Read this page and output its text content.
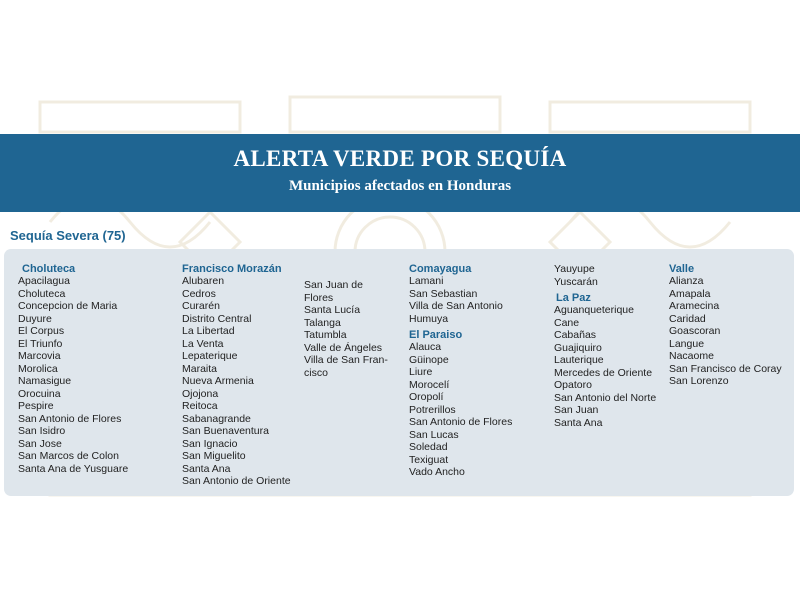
ALERTA VERDE POR SEQUÍA
Municipios afectados en Honduras
Sequía Severa (75)
Choluteca
Apacilagua
Choluteca
Concepcion de Maria
Duyure
El Corpus
El Triunfo
Marcovia
Morolica
Namasigue
Orocuina
Pespire
San Antonio de Flores
San Isidro
San Jose
San Marcos de Colon
Santa Ana de Yusguare
Francisco Morazán
Alubaren
Cedros
Curarén
Distrito Central
La Libertad
La Venta
Lepaterique
Maraita
Nueva Armenia
Ojojona
Reitoca
Sabanagrande
San Buenaventura
San Ignacio
San Miguelito
Santa Ana
San Antonio de Oriente
San Juan de
Flores
Santa Lucía
Talanga
Tatumbla
Valle de Ángeles
Villa de San Fran-
cisco
Comayagua
Lamani
San Sebastian
Villa de San Antonio
Humuya
El Paraiso
Alauca
Güinope
Liure
Morocelí
Oropolí
Potrerillos
San Antonio de Flores
San Lucas
Soledad
Texiguat
Vado Ancho
Yauyupe
Yuscarán
La Paz
Aguanqueterique
Cane
Cabañas
Guajiquiro
Lauterique
Mercedes de Oriente
Opatoro
San Antonio del Norte
San Juan
Santa Ana
Valle
Alianza
Amapala
Aramecina
Caridad
Goascoran
Langue
Nacaome
San Francisco de Coray
San Lorenzo
